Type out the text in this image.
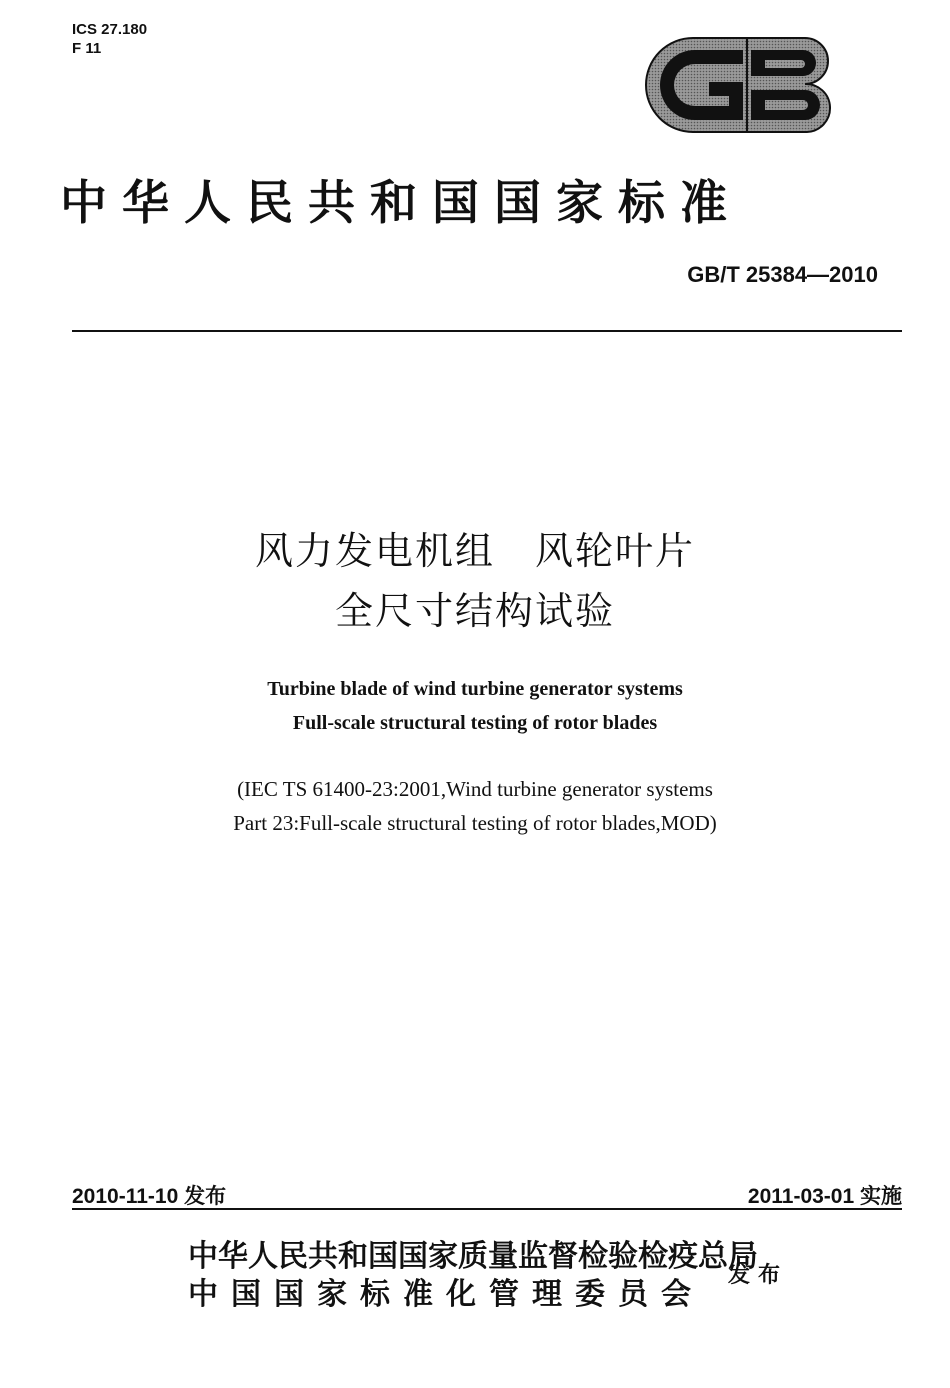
ICS 27.180
F 11
GB
中华人民共和国国家标准
GB/T 25384—2010
风力发电机组　风轮叶片
全尺寸结构试验
Turbine blade of wind turbine generator systems
Full-scale structural testing of rotor blades
(IEC TS 61400-23:2001,Wind turbine generator systems
Part 23:Full-scale structural testing of rotor blades,MOD)
2010-11-10 发布	2011-03-01 实施
中华人民共和国国家质量监督检验检疫总局
中国国家标准化管理委员会
发布
